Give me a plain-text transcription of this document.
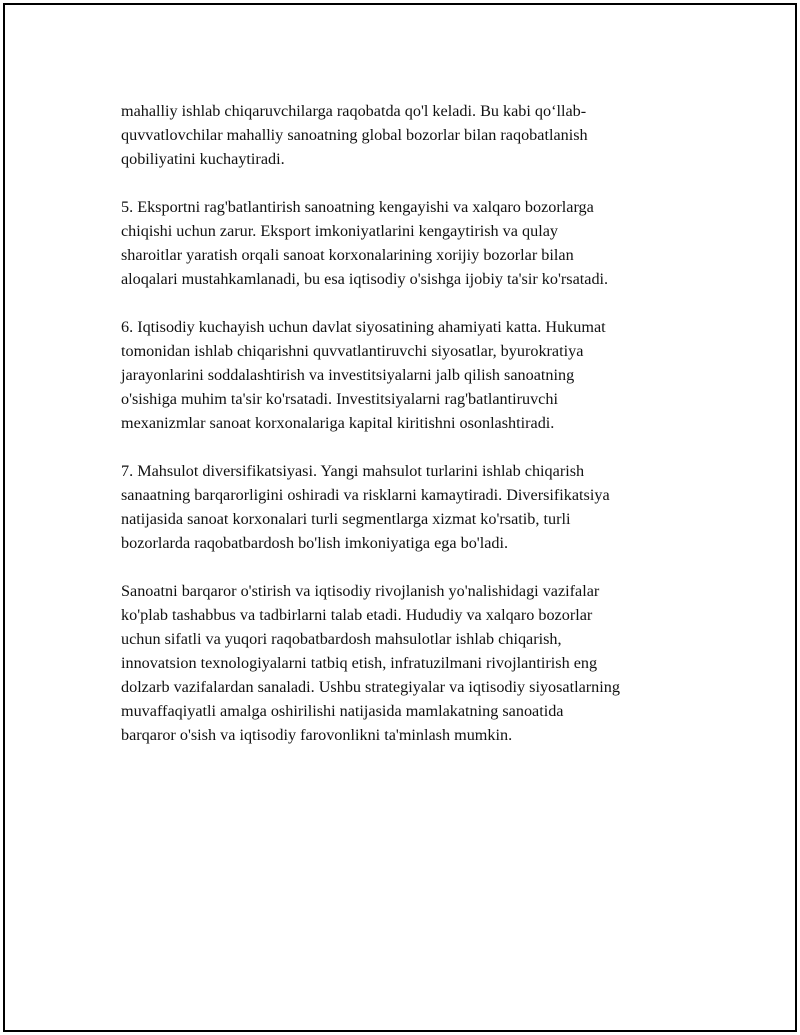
mahalliy ishlab chiqaruvchilarga raqobatda qo'l keladi. Bu kabi qo‘llab-
quvvatlovchilar mahalliy sanoatning global bozorlar bilan raqobatlanish
qobiliyatini kuchaytiradi.

5. Eksportni rag'batlantirish sanoatning kengayishi va xalqaro bozorlarga
chiqishi uchun zarur. Eksport imkoniyatlarini kengaytirish va qulay
sharoitlar yaratish orqali sanoat korxonalarining xorijiy bozorlar bilan
aloqalari mustahkamlanadi, bu esa iqtisodiy o'sishga ijobiy ta'sir ko'rsatadi.

6. Iqtisodiy kuchayish uchun davlat siyosatining ahamiyati katta. Hukumat
tomonidan ishlab chiqarishni quvvatlantiruvchi siyosatlar, byurokratiya
jarayonlarini soddalashtirish va investitsiyalarni jalb qilish sanoatning
o'sishiga muhim ta'sir ko'rsatadi. Investitsiyalarni rag'batlantiruvchi
mexanizmlar sanoat korxonalariga kapital kiritishni osonlashtiradi.

7. Mahsulot diversifikatsiyasi. Yangi mahsulot turlarini ishlab chiqarish
sanaatning barqarorligini oshiradi va risklarni kamaytiradi. Diversifikatsiya
natijasida sanoat korxonalari turli segmentlarga xizmat ko'rsatib, turli
bozorlarda raqobatbardosh bo'lish imkoniyatiga ega bo'ladi.

Sanoatni barqaror o'stirish va iqtisodiy rivojlanish yo'nalishidagi vazifalar
ko'plab tashabbus va tadbirlarni talab etadi. Hududiy va xalqaro bozorlar
uchun sifatli va yuqori raqobatbardosh mahsulotlar ishlab chiqarish,
innovatsion texnologiyalarni tatbiq etish, infratuzilmani rivojlantirish eng
dolzarb vazifalardan sanaladi. Ushbu strategiyalar va iqtisodiy siyosatlarning
muvaffaqiyatli amalga oshirilishi natijasida mamlakatning sanoatida
barqaror o'sish va iqtisodiy farovonlikni ta'minlash mumkin.
